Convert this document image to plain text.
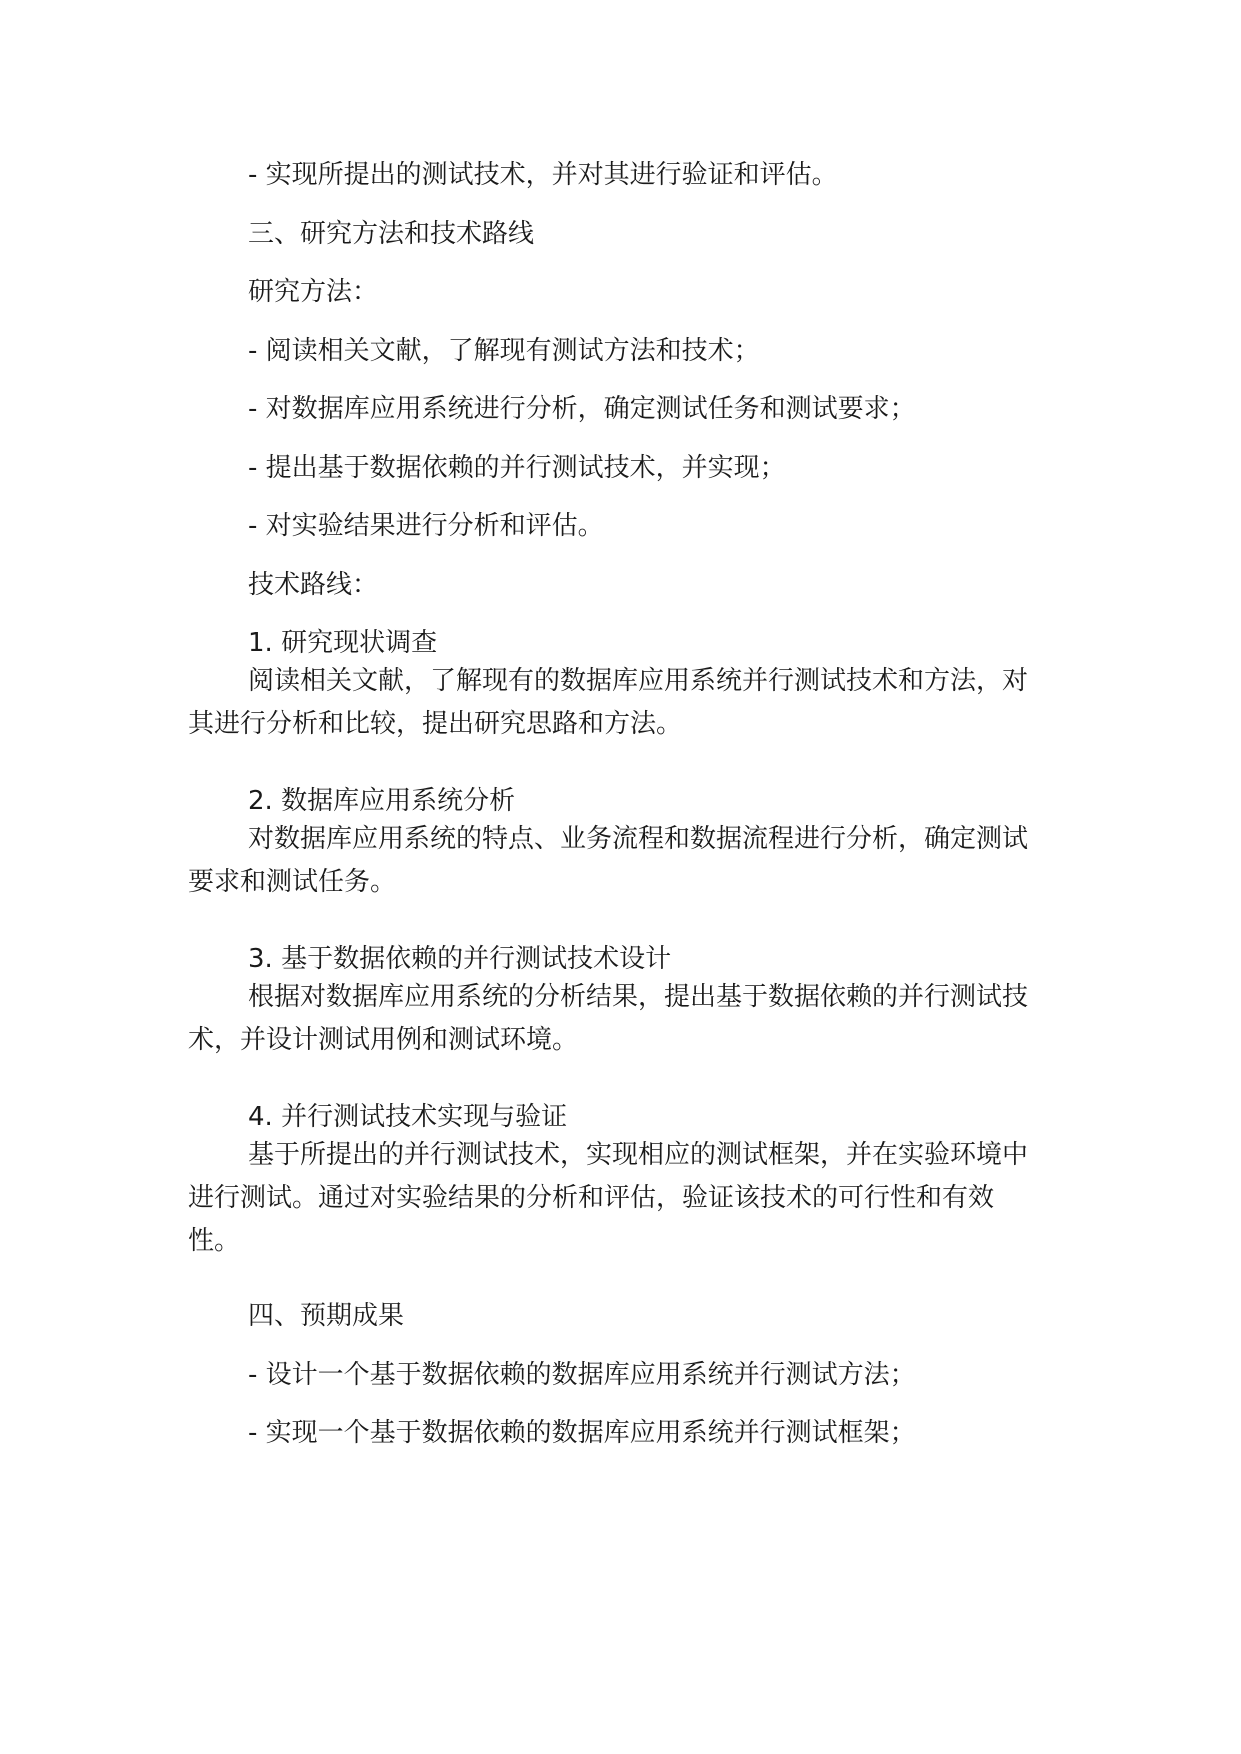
- 实现所提出的测试技术，并对其进行验证和评估。

三、研究方法和技术路线

研究方法：

- 阅读相关文献，了解现有测试方法和技术；

- 对数据库应用系统进行分析，确定测试任务和测试要求；

- 提出基于数据依赖的并行测试技术，并实现；

- 对实验结果进行分析和评估。

技术路线：

1. 研究现状调查

阅读相关文献，了解现有的数据库应用系统并行测试技术和方法，对其进行分析和比较，提出研究思路和方法。

2. 数据库应用系统分析

对数据库应用系统的特点、业务流程和数据流程进行分析，确定测试要求和测试任务。

3. 基于数据依赖的并行测试技术设计

根据对数据库应用系统的分析结果，提出基于数据依赖的并行测试技术，并设计测试用例和测试环境。

4. 并行测试技术实现与验证

基于所提出的并行测试技术，实现相应的测试框架，并在实验环境中进行测试。通过对实验结果的分析和评估，验证该技术的可行性和有效性。

四、预期成果

- 设计一个基于数据依赖的数据库应用系统并行测试方法；

- 实现一个基于数据依赖的数据库应用系统并行测试框架；
